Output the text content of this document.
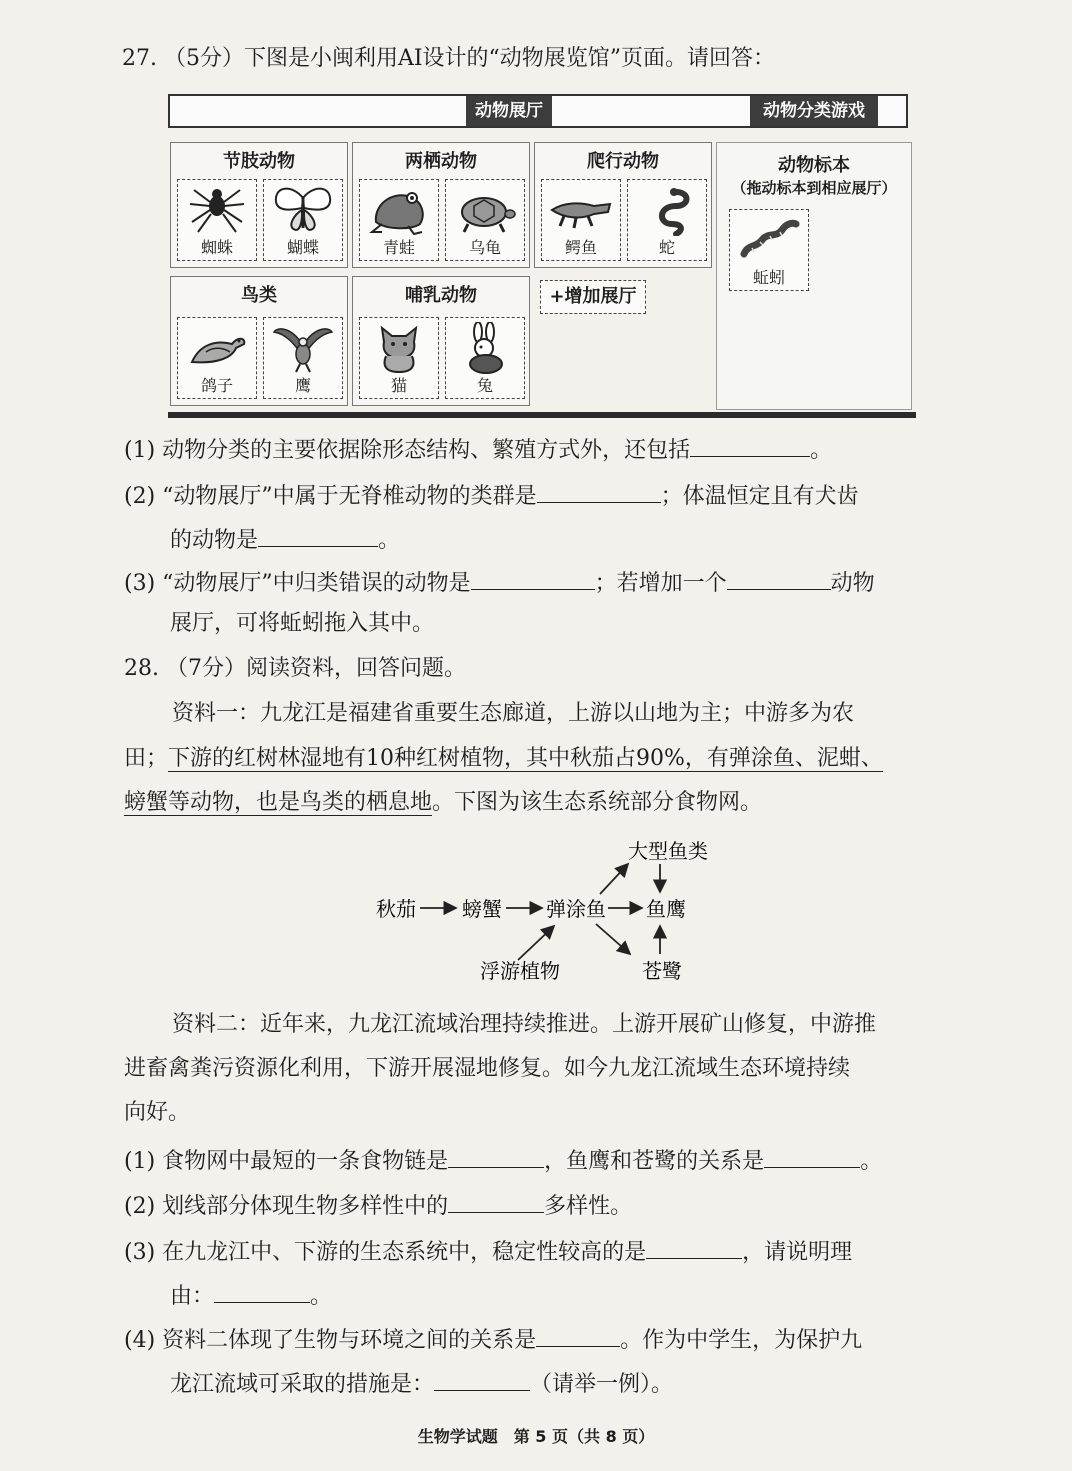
27. （5分）下图是小闽利用AI设计的“动物展览馆”页面。请回答：
动物展厅	动物分类游戏
节肢动物
蜘蛛	蝴蝶
两栖动物
青蛙	乌龟
爬行动物
鳄鱼	蛇
鸟类
鸽子	鹰
哺乳动物
猫	兔
+增加展厅
动物标本
（拖动标本到相应展厅）
蚯蚓
(1) 动物分类的主要依据除形态结构、繁殖方式外，还包括	。
(2) “动物展厅”中属于无脊椎动物的类群是	；体温恒定且有犬齿
的动物是	。
(3) “动物展厅”中归类错误的动物是	；若增加一个	动物
展厅，可将蚯蚓拖入其中。
28. （7分）阅读资料，回答问题。
资料一：九龙江是福建省重要生态廊道，上游以山地为主；中游多为农
田；下游的红树林湿地有10种红树植物，其中秋茄占90%，有弹涂鱼、泥蚶、
螃蟹等动物，也是鸟类的栖息地。下图为该生态系统部分食物网。
秋茄 螃蟹 弹涂鱼 鱼鹰
大型鱼类
浮游植物	苍鹭
资料二：近年来，九龙江流域治理持续推进。上游开展矿山修复，中游推
进畜禽粪污资源化利用，下游开展湿地修复。如今九龙江流域生态环境持续
向好。
(1) 食物网中最短的一条食物链是	，鱼鹰和苍鹭的关系是	。
(2) 划线部分体现生物多样性中的	多样性。
(3) 在九龙江中、下游的生态系统中，稳定性较高的是	，请说明理
由：	。
(4) 资料二体现了生物与环境之间的关系是	。作为中学生，为保护九
龙江流域可采取的措施是：	（请举一例）。
生物学试题　第 5 页（共 8 页）
